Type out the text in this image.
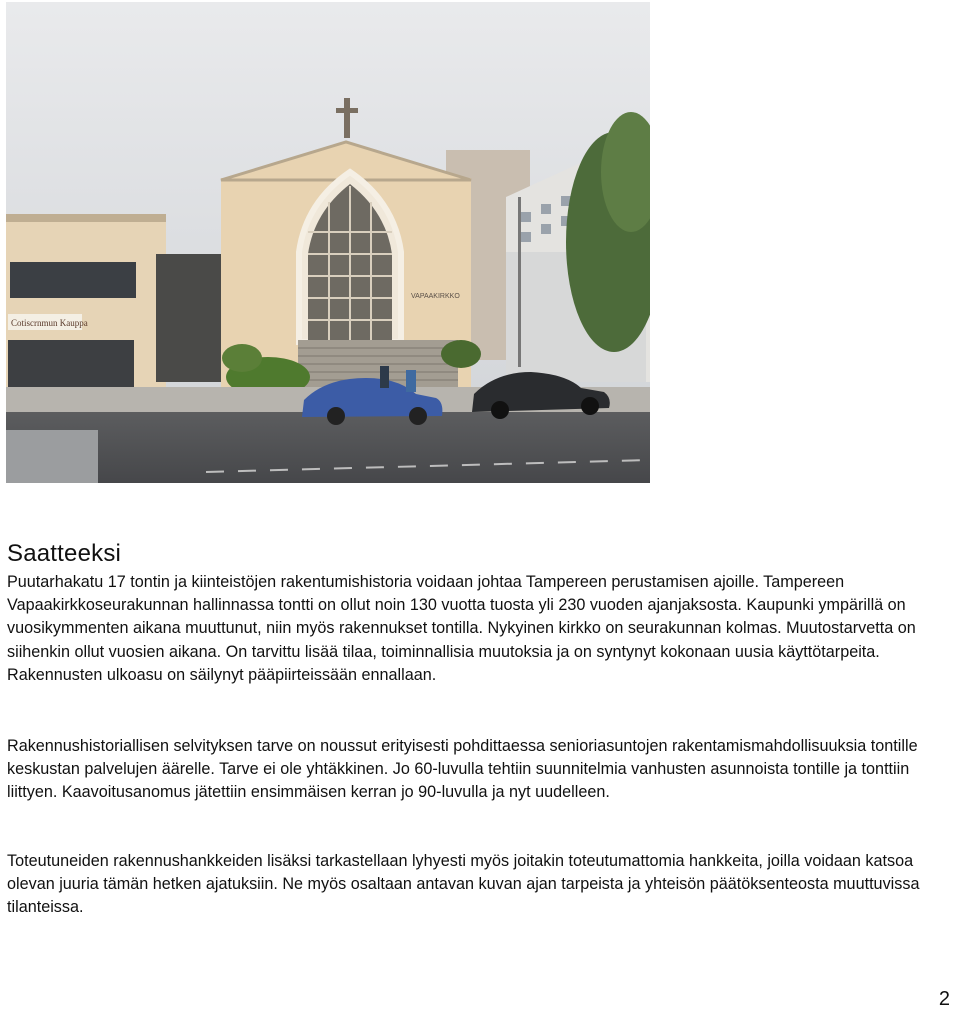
Cotiscrnmun Kauppa
VAPAAKIRKKO
Saatteeksi

Puutarhakatu 17 tontin ja kiinteistöjen rakentumishistoria voidaan johtaa Tampereen perustamisen ajoille. Tampereen Vapaakirkkoseurakunnan hallinnassa tontti on ollut noin 130 vuotta tuosta yli 230 vuoden ajanjaksosta. Kaupunki ympärillä on vuosikymmenten aikana muuttunut, niin myös rakennukset tontilla. Nykyinen kirkko on seurakunnan kolmas. Muutostarvetta on siihenkin ollut vuosien aikana. On tarvittu lisää tilaa, toiminnallisia muutoksia ja on syntynyt kokonaan uusia käyttötarpeita. Rakennusten ulkoasu on säilynyt pääpiirteissään ennallaan.

Rakennushistoriallisen selvityksen tarve on noussut erityisesti pohdittaessa senioriasuntojen rakentamismahdollisuuksia tontille keskustan palvelujen äärelle. Tarve ei ole yhtäkkinen. Jo 60-luvulla tehtiin suunnitelmia vanhusten asunnoista tontille ja tonttiin liittyen. Kaavoitusanomus jätettiin ensimmäisen kerran jo 90-luvulla ja nyt uudelleen.

Toteutuneiden rakennushankkeiden lisäksi tarkastellaan lyhyesti myös joitakin toteutumattomia hankkeita, joilla voidaan katsoa olevan juuria tämän hetken ajatuksiin. Ne myös osaltaan antavan kuvan ajan tarpeista ja yhteisön päätöksenteosta muuttuvissa tilanteissa.

2
